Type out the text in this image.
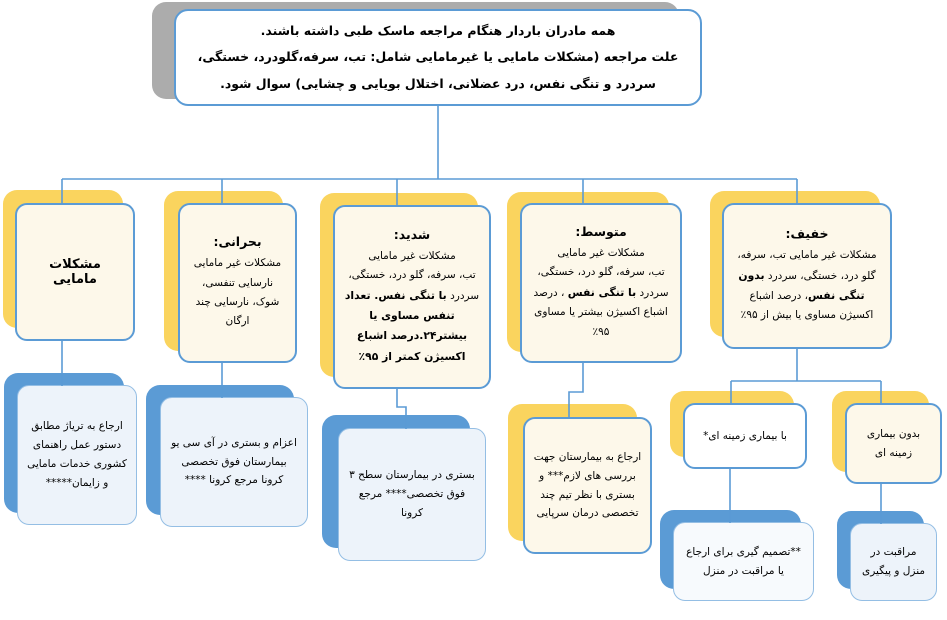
همه مادران باردار هنگام مراجعه ماسک طبی داشته باشند.
علت مراجعه (مشکلات مامایی یا غیرمامایی شامل: تب، سرفه،گلودرد، خستگی، سردرد و تنگی نفس، درد عضلانی، اختلال بویایی و چشایی) سوال شود.
مشکلات مامایی
بحرانی:
مشکلات غیر مامایی نارسایی تنفسی، شوک، نارسایی چند ارگان
شدید:
مشکلات غیر مامایی
تب، سرفه، گلو درد، خستگی، سردرد با تنگی نفس. تعداد تنفس مساوی یا بیشتر۲۴.درصد اشباع اکسیژن کمتر از ۹۵٪
متوسط:
مشکلات غیر مامایی
تب، سرفه، گلو درد، خستگی، سردرد با تنگی نفس ، درصد اشباع اکسیژن بیشتر یا مساوی ۹۵٪
خفیف:
مشکلات غیر مامایی تب، سرفه، گلو درد، خستگی، سردرد بدون تنگی نفس، درصد اشباع اکسیژن مساوی یا بیش از ۹۵٪
ارجاع به تریاژ مطابق دستور عمل راهنمای کشوری خدمات مامایی و زایمان*****
اعزام و بستری در آی سی یو بیمارستان فوق تخصصی کرونا مرجع کرونا ****	بستری در بیمارستان سطح ۳ فوق تخصصی**** مرجع کرونا
ارجاع به بیمارستان جهت بررسی های لازم*** و بستری با نظر تیم چند تخصصی درمان سرپایی
با بیماری زمینه ای*	بدون بیماری زمینه ای
**تصمیم گیری برای ارجاع یا مراقبت در منزل
مراقبت در منزل و پیگیری
